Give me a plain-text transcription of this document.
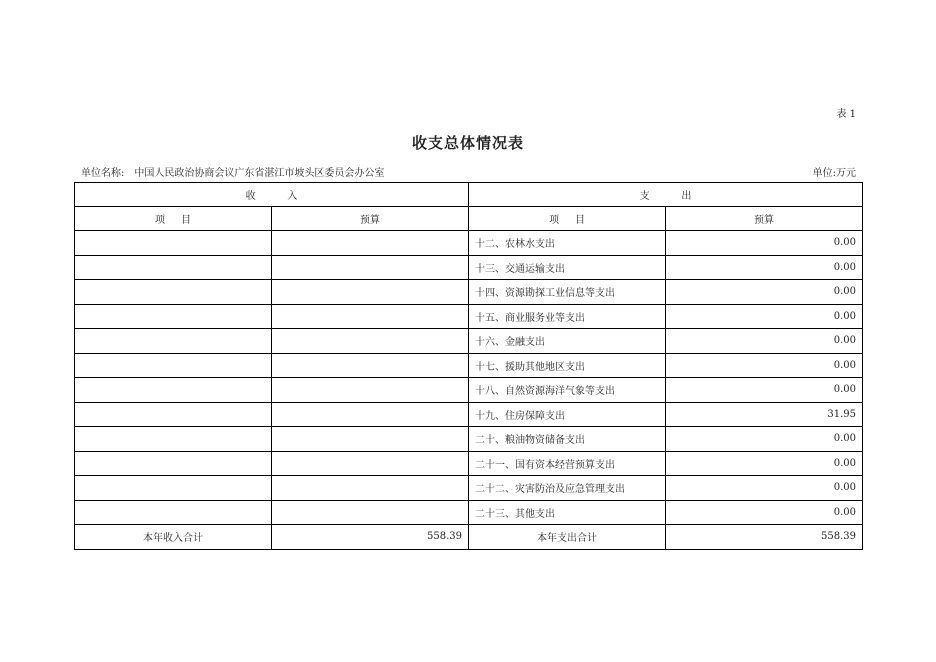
表 1
收支总体情况表
单位名称: 中国人民政治协商会议广东省湛江市坡头区委员会办公室	单位:万元
收          入		支          出	
项     目	预算	项     目	预算
		十二、农林水支出	0.00
		十三、交通运输支出	0.00
		十四、资源勘探工业信息等支出	0.00
		十五、商业服务业等支出	0.00
		十六、金融支出	0.00
		十七、援助其他地区支出	0.00
		十八、自然资源海洋气象等支出	0.00
		十九、住房保障支出	31.95
		二十、粮油物资储备支出	0.00
		二十一、国有资本经营预算支出	0.00
		二十二、灾害防治及应急管理支出	0.00
		二十三、其他支出	0.00
本年收入合计	558.39	本年支出合计	558.39
